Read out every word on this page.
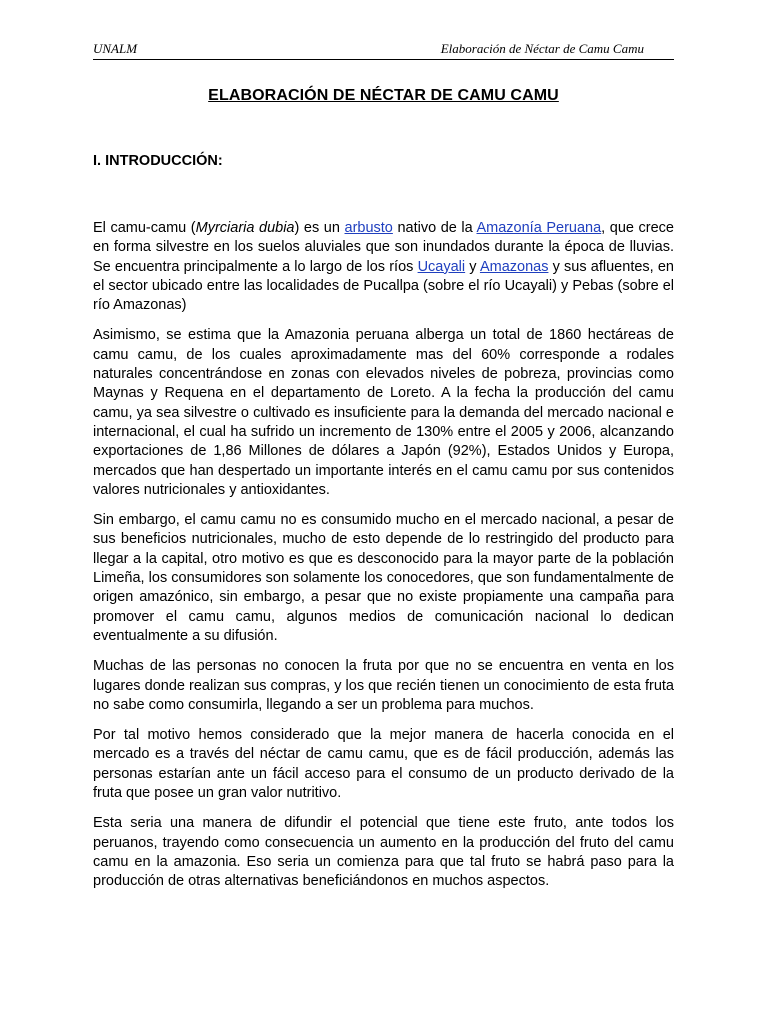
UNALM	Elaboración de Néctar de Camu Camu
ELABORACIÓN DE NÉCTAR DE CAMU CAMU
I. INTRODUCCIÓN:

El camu-camu (Myrciaria dubia) es un arbusto nativo de la Amazonía Peruana, que crece en forma silvestre en los suelos aluviales que son inundados durante la época de lluvias. Se encuentra principalmente a lo largo de los ríos Ucayali y Amazonas y sus afluentes, en el sector ubicado entre las localidades de Pucallpa (sobre el río Ucayali) y Pebas (sobre el río Amazonas)

Asimismo, se estima que la Amazonia peruana alberga un total de 1860 hectáreas de camu camu, de los cuales aproximadamente mas del 60% corresponde a rodales naturales concentrándose en zonas con elevados niveles de pobreza, provincias como Maynas y Requena en el departamento de Loreto. A la fecha la producción del camu camu, ya sea silvestre o cultivado es insuficiente para la demanda del mercado nacional e internacional, el cual ha sufrido un incremento de 130% entre el 2005 y 2006, alcanzando exportaciones de 1,86 Millones de dólares a Japón (92%), Estados Unidos y Europa, mercados que han despertado un importante interés en el camu camu por sus contenidos valores nutricionales y antioxidantes.

Sin embargo, el camu camu no es consumido mucho en el mercado nacional, a pesar de sus beneficios nutricionales, mucho de esto depende de lo restringido del producto para llegar a la capital, otro motivo es que es desconocido para la mayor parte de la población Limeña, los consumidores son solamente los conocedores, que son fundamentalmente de origen amazónico, sin embargo, a pesar que no existe propiamente una campaña para promover el camu camu, algunos medios de comunicación nacional lo dedican eventualmente a su difusión.

Muchas de las personas no conocen la fruta por que no se encuentra en venta en los lugares donde realizan sus compras, y los que recién tienen un conocimiento de esta fruta no sabe como consumirla, llegando a ser un problema para muchos.

Por tal motivo hemos considerado que la mejor manera de hacerla conocida en el mercado es a través del néctar de camu camu, que es de fácil producción, además las personas estarían ante un fácil acceso para el consumo de un producto derivado de la fruta que posee un gran valor nutritivo.

Esta seria una manera de difundir el potencial que tiene este fruto, ante todos los peruanos, trayendo como consecuencia un aumento en la producción del fruto del camu camu en la amazonia. Eso seria un comienza para que tal fruto se habrá paso para la producción de otras alternativas beneficiándonos en muchos aspectos.
